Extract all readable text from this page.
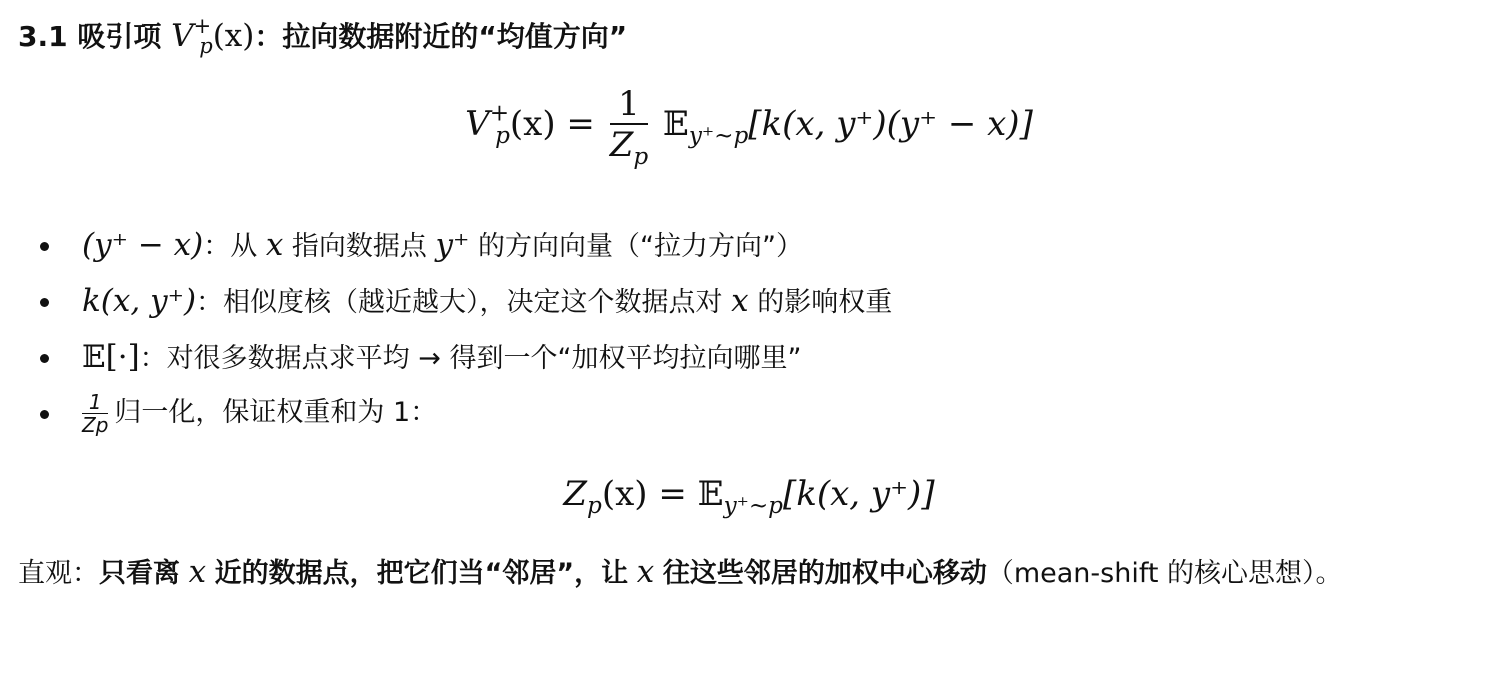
3.1 吸引项 $V^+_p(x)$：拉向数据附近的“均值方向”
$V^+_p(x) = \frac{1}{Z_p}$ 𝔼$_{y^+\sim p}$[k(x, y⁺)(y⁺ − x)]
(y⁺ − x)：从 x 指向数据点 y⁺ 的方向向量（“拉力方向”）
k(x, y⁺)：相似度核（越近越大），决定这个数据点对 x 的影响权重
𝔼[·]：对很多数据点求平均 → 得到一个“加权平均拉向哪里”
$\frac{1}{Zp}$ 归一化，保证权重和为 1：
$Z_p(x)$ = 𝔼$_{y^+\sim p}$[k(x, y⁺)]
直观：只看离 x 近的数据点，把它们当“邻居”，让 x 往这些邻居的加权中心移动（mean-shift 的核心思想）。
